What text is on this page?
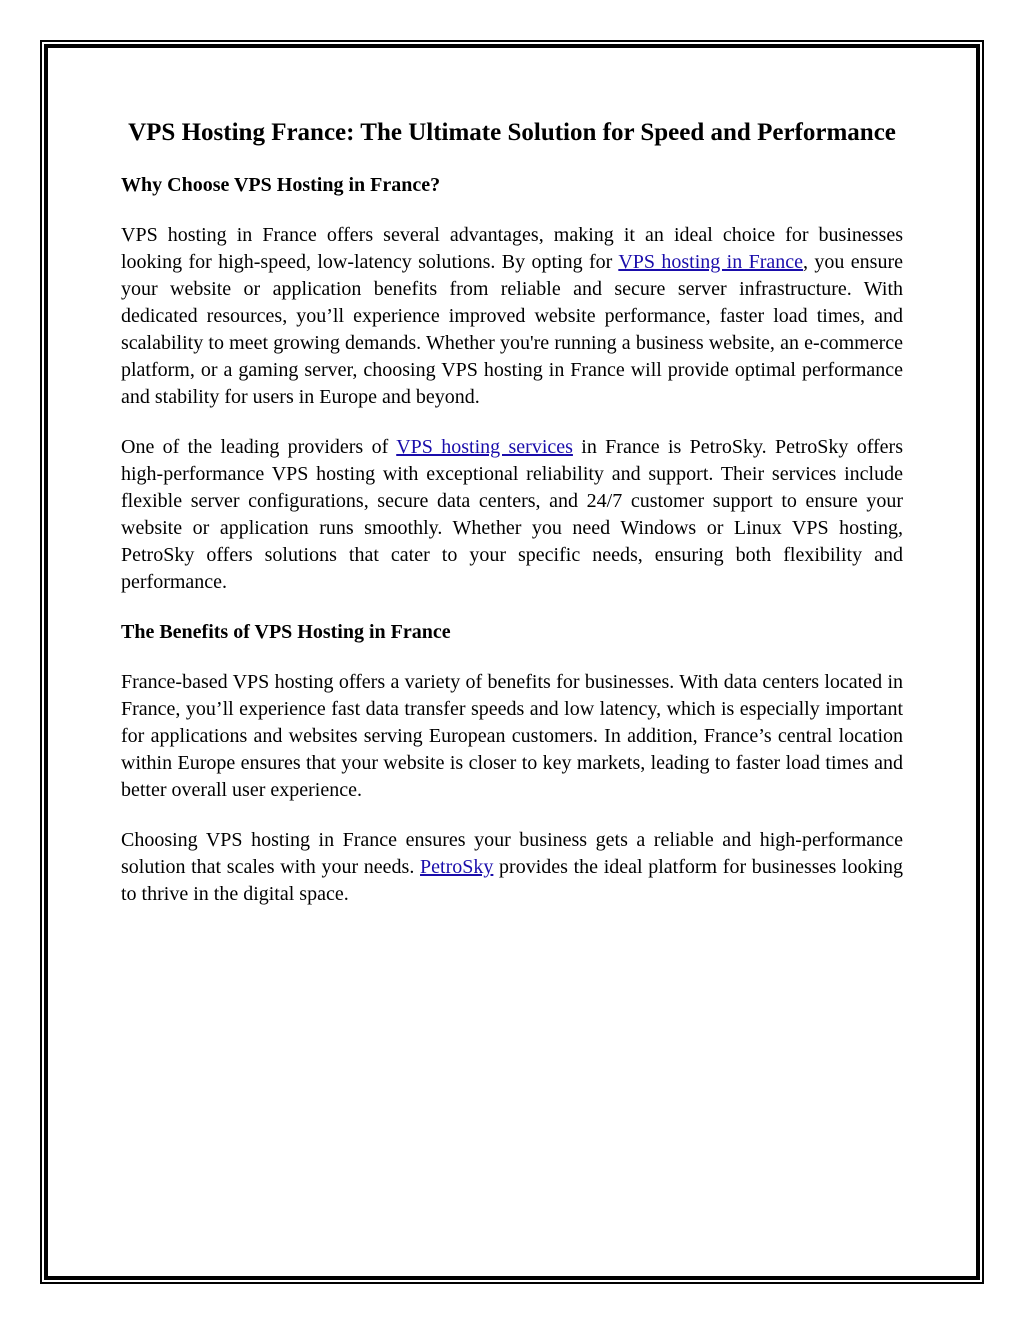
VPS Hosting France: The Ultimate Solution for Speed and Performance
Why Choose VPS Hosting in France?

VPS hosting in France offers several advantages, making it an ideal choice for businesses looking for high-speed, low-latency solutions. By opting for VPS hosting in France, you ensure your website or application benefits from reliable and secure server infrastructure. With dedicated resources, you’ll experience improved website performance, faster load times, and scalability to meet growing demands. Whether you're running a business website, an e-commerce platform, or a gaming server, choosing VPS hosting in France will provide optimal performance and stability for users in Europe and beyond.

One of the leading providers of VPS hosting services in France is PetroSky. PetroSky offers high-performance VPS hosting with exceptional reliability and support. Their services include flexible server configurations, secure data centers, and 24/7 customer support to ensure your website or application runs smoothly. Whether you need Windows or Linux VPS hosting, PetroSky offers solutions that cater to your specific needs, ensuring both flexibility and performance.

The Benefits of VPS Hosting in France

France-based VPS hosting offers a variety of benefits for businesses. With data centers located in France, you’ll experience fast data transfer speeds and low latency, which is especially important for applications and websites serving European customers. In addition, France’s central location within Europe ensures that your website is closer to key markets, leading to faster load times and better overall user experience.

Choosing VPS hosting in France ensures your business gets a reliable and high-performance solution that scales with your needs. PetroSky provides the ideal platform for businesses looking to thrive in the digital space.
